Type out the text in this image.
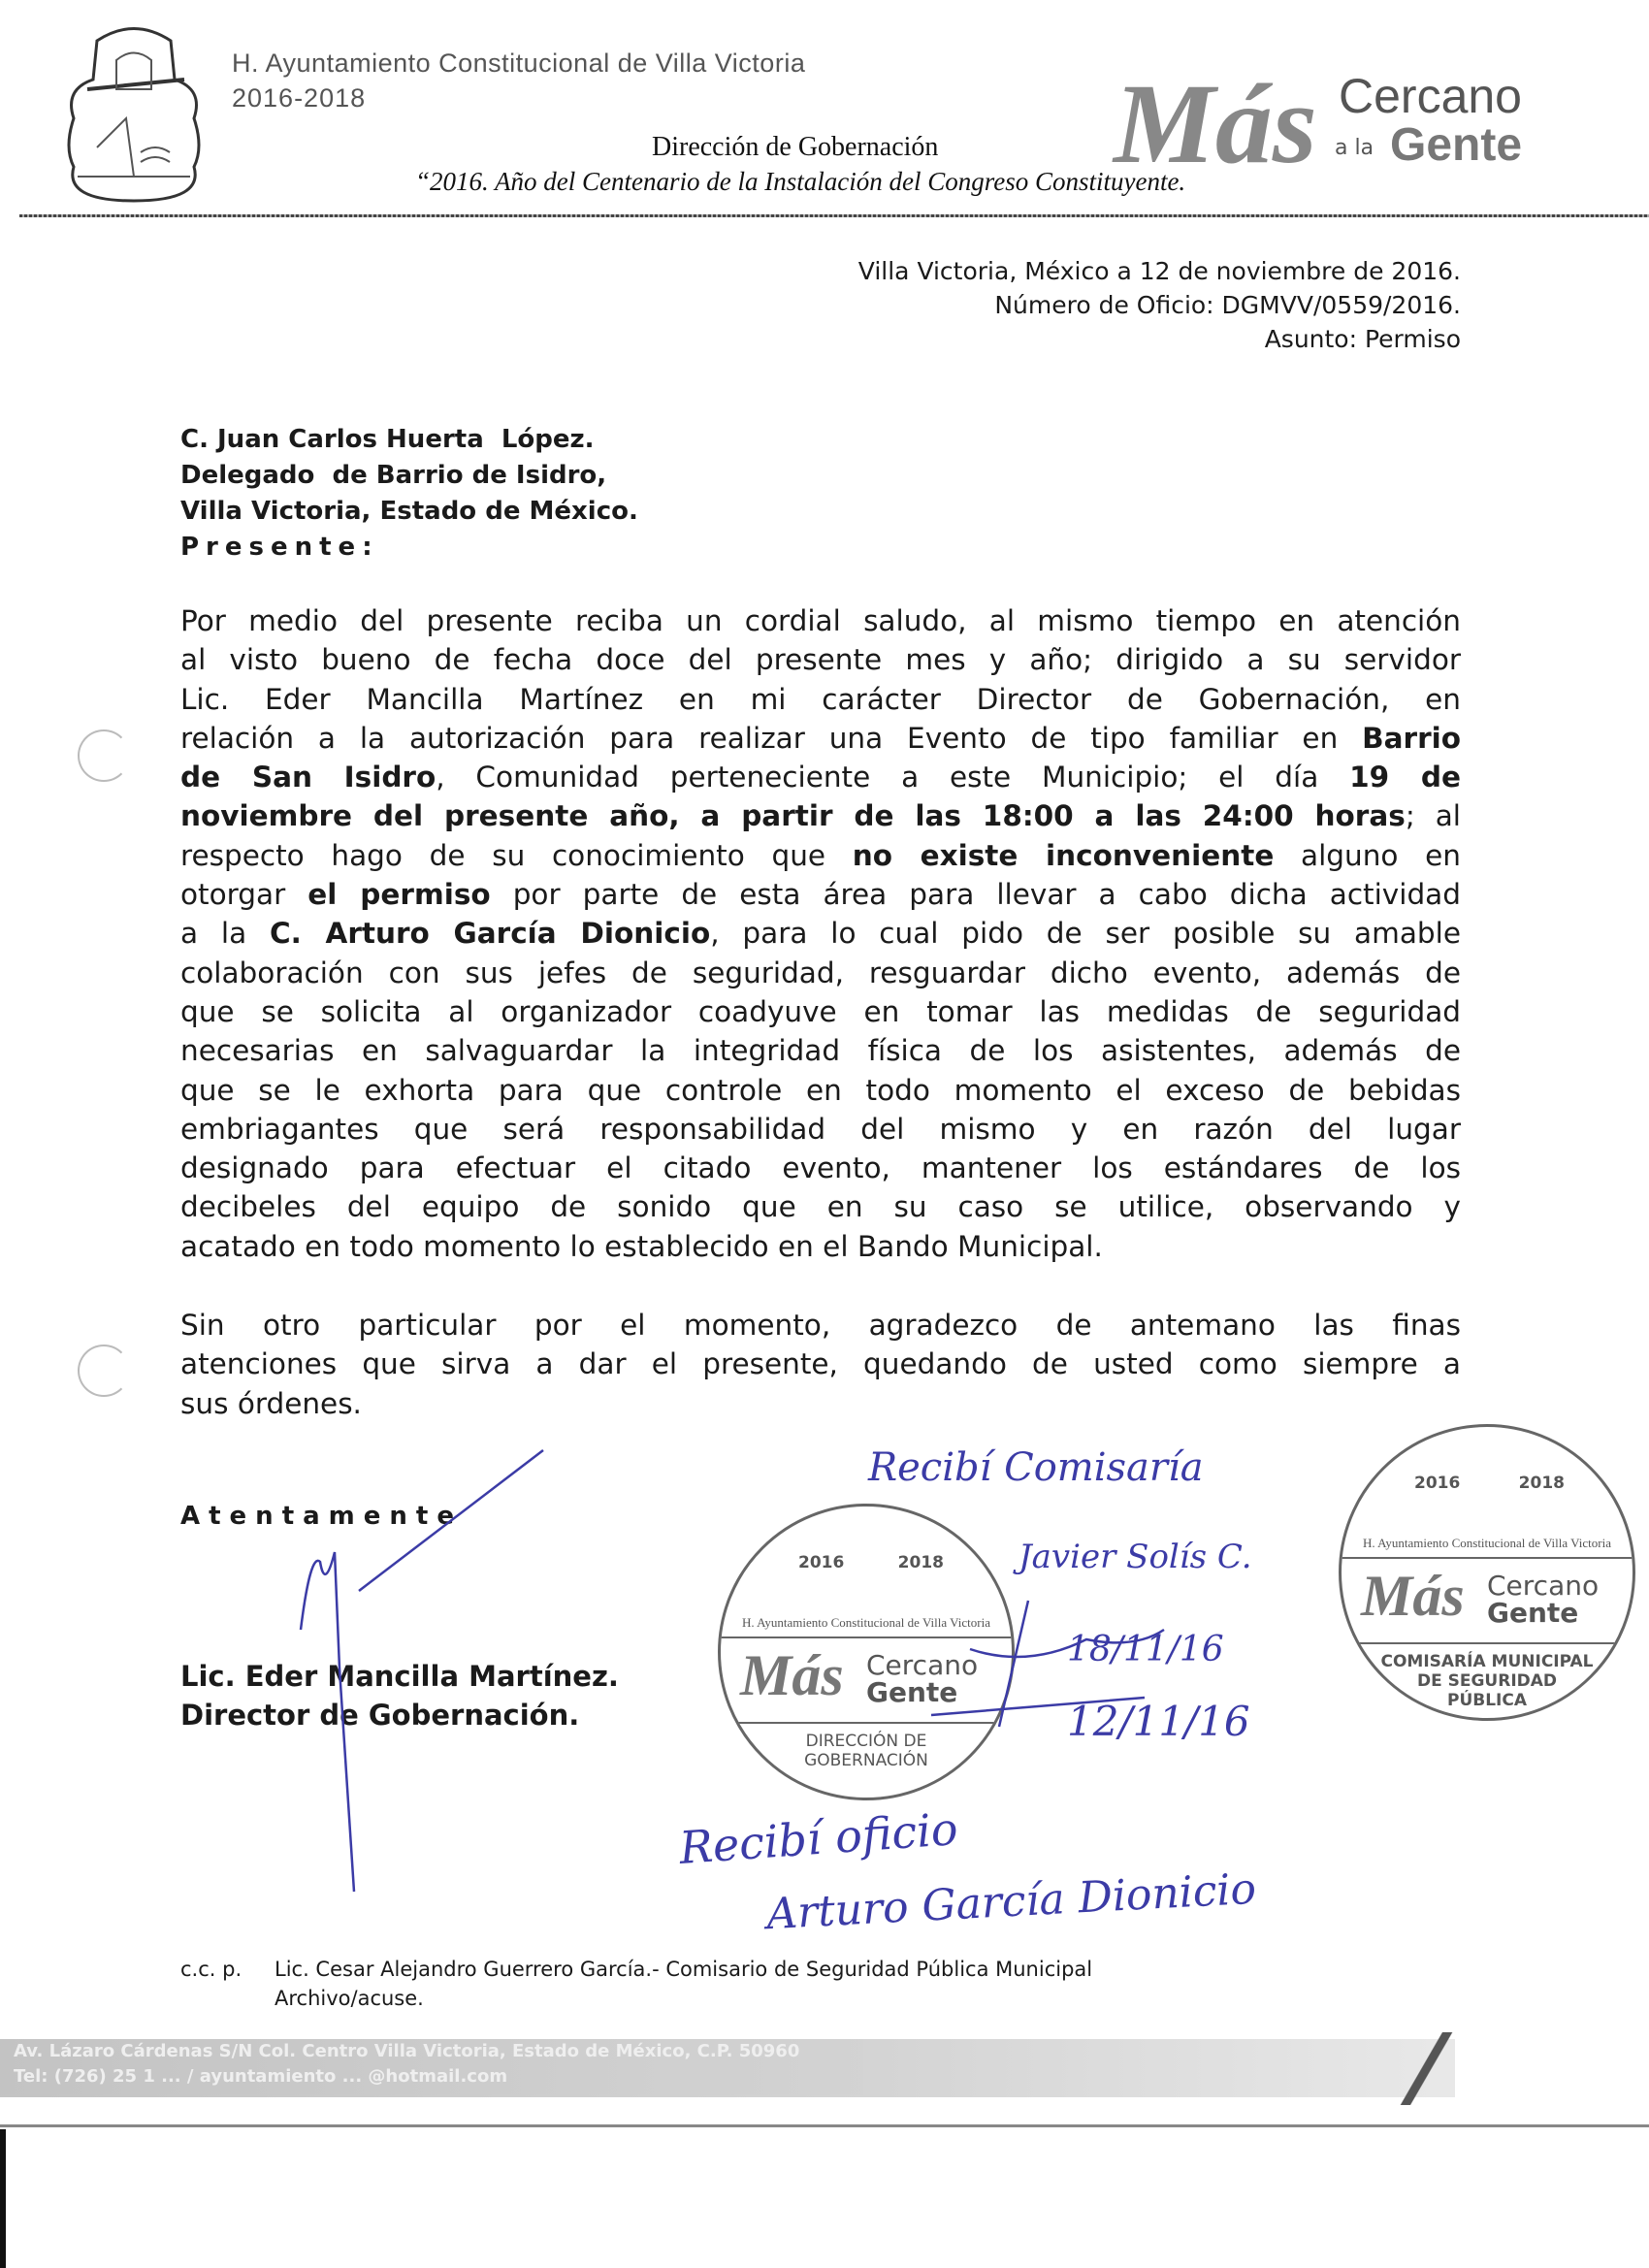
H. Ayuntamiento Constitucional de Villa Victoria
2016-2018
Dirección de Gobernación
“2016. Año del Centenario de la Instalación del Congreso Constituyente.
Más Cercano
a la Gente
Villa Victoria, México a 12 de noviembre de 2016.
Número de Oficio: DGMVV/0559/2016.
Asunto: Permiso
C. Juan Carlos Huerta  López.
Delegado  de Barrio de Isidro,
Villa Victoria, Estado de México.
Presente:
Por medio del presente reciba un cordial saludo, al mismo tiempo en atención
al visto bueno de fecha doce del presente mes y año; dirigido a su servidor
Lic. Eder Mancilla Martínez en mi carácter Director de Gobernación, en
relación a la autorización para realizar una Evento de tipo familiar en Barrio
de San Isidro, Comunidad perteneciente a este Municipio; el día 19 de
noviembre del presente año, a partir de las 18:00 a las 24:00 horas; al
respecto hago de su conocimiento que no existe inconveniente alguno en
otorgar el permiso por parte de esta área para llevar a cabo dicha actividad
a la C. Arturo García Dionicio, para lo cual pido de ser posible su amable
colaboración con sus jefes de seguridad, resguardar dicho evento, además de
que se solicita al organizador coadyuve en tomar las medidas de seguridad
necesarias en salvaguardar la integridad física de los asistentes, además de
que se le exhorta para que controle en todo momento el exceso de bebidas
embriagantes que será responsabilidad del mismo y en razón del lugar
designado para efectuar el citado evento, mantener los estándares de los
decibeles del equipo de sonido que en su caso se utilice, observando y
acatado en todo momento lo establecido en el Bando Municipal.
Sin otro particular por el momento, agradezco de antemano las finas
atenciones que sirva a dar el presente, quedando de usted como siempre a
sus órdenes.
2016	2018
H. Ayuntamiento Constitucional de Villa Victoria
Más Cercano
Gente
DIRECCIÓN DE GOBERNACIÓN
2016	2018
H. Ayuntamiento Constitucional de Villa Victoria
Más Cercano
Gente
COMISARÍA MUNICIPAL DE SEGURIDAD PÚBLICA
Atentamente
Lic. Eder Mancilla Martínez.
Director de Gobernación.
Recibí Comisaría
Javier Solís C.
18/11/16
12/11/16
Recibí oficio
Arturo García Dionicio
c.c. p. Lic. Cesar Alejandro Guerrero García.- Comisario de Seguridad Pública Municipal
Archivo/acuse.
Av. Lázaro Cárdenas S/N Col. Centro Villa Victoria, Estado de México, C.P. 50960
Tel: (726) 25 1 ... / ayuntamiento ... @hotmail.com
